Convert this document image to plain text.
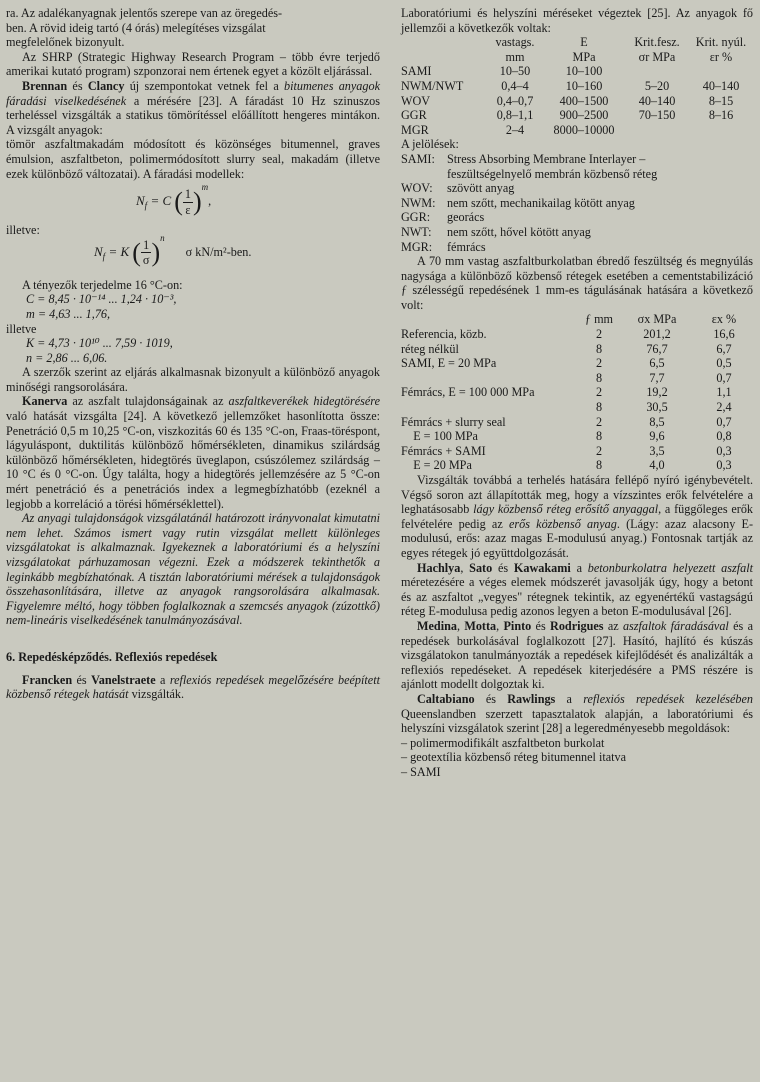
ra. Az adalékanyagnak jelentős szerepe van az öregedés-

ben. A rövid ideig tartó (4 órás) melegítéses vizsgálat

megfelelőnek bizonyult.

Az SHRP (Strategic Highway Research Program – több évre terjedő amerikai kutató program) szponzorai nem értenek egyet a közölt eljárással.

Brennan és Clancy új szempontokat vetnek fel a bitumenes anyagok fáradási viselkedésének a mérésére [23]. A fáradást 10 Hz szinuszos terheléssel vizsgálták a statikus tömörítéssel előállított hengeres mintákon. A vizsgált anyagok:

tömör aszfaltmakadám módosított és közönséges bitumennel, graves émulsion, aszfaltbeton, polimermódosított slurry seal, makadám (illetve ezek különböző változatai). A fáradási modellek:

$N_f = C$ ( $\frac{1}{\varepsilon} )^m$,

illetve:

$N_f = K$ ( $\frac{1}{\sigma} )^n$ σ kN/m²-ben.

A tényezők terjedelme 16 °C-on:

C = 8,45 · 10⁻¹⁴ ... 1,24 · 10⁻³,

m = 4,63 ... 1,76,

illetve

K = 4,73 · 10¹⁰ ... 7,59 · 1019,

n = 2,86 ... 6,06.

A szerzők szerint az eljárás alkalmasnak bizonyult a különböző anyagok minőségi rangsorolására.

Kanerva az aszfalt tulajdonságainak az aszfaltkeverékek hidegtörésére való hatását vizsgálta [24]. A következő jellemzőket hasonlította össze: Penetráció 0,5 m 10,25 °C-on, viszkozitás 60 és 135 °C-on, Fraas-töréspont, lágyuláspont, duktilitás különböző hőmérsékleten, dinamikus szilárdság különböző hőmérsékleten, hidegtörés üveglapon, csúszólemez szilárdság –10 °C és 0 °C-on. Úgy találta, hogy a hidegtörés jellemzésére az 5 °C-on mért penetráció és a penetrációs index a legmegbízhatóbb (ezeknél a legjobb a korreláció a törési hőmérséklettel).

Az anyagi tulajdonságok vizsgálatánál határozott irányvonalat kimutatni nem lehet. Számos ismert vagy rutin vizsgálat mellett különleges vizsgálatokat is alkalmaznak. Igyekeznek a laboratóriumi és a helyszíni vizsgálatokat párhuzamosan végezni. Ezek a módszerek tekinthetők a leginkább megbízhatónak. A tisztán laboratóriumi mérések a tulajdonságok összehasonlítására, illetve az anyagok rangsorolására alkalmasak. Figyelemre méltó, hogy többen foglalkoznak a szemcsés anyagok (zúzottkő) nem-lineáris viselkedésének tanulmányozásával.

6. Repedésképződés. Reflexiós repedések

Francken és Vanelstraete a reflexiós repedések megelőzésére beépített közbenső rétegek hatását vizsgálták.

Laboratóriumi és helyszíni méréseket végeztek [25]. Az anyagok fő jellemzői a következők voltak:

	vastags.	E	Krit.fesz.	Krit. nyúl.
	mm	MPa	σr MPa	εr %
SAMI	10–50	10–100		
NWM/NWT	0,4–4	10–160	5–20	40–140
WOV	0,4–0,7	400–1500	40–140	8–15
GGR	0,8–1,1	900–2500	70–150	8–16
MGR	2–4	8000–10000		

A jelölések:

SAMI:	Stress Absorbing Membrane Interlayer –
	feszültségelnyelő membrán közbenső réteg
WOV:	szövött anyag
NWM:	nem szőtt, mechanikailag kötött anyag
GGR:	georács
NWT:	nem szőtt, hővel kötött anyag
MGR:	fémrács

A 70 mm vastag aszfaltburkolatban ébredő feszültség és megnyúlás nagysága a különböző közbenső rétegek esetében a cementstabilizáció ƒ szélességű repedésének 1 mm-es tágulásának hatására a következő volt:

	ƒ mm	σx MPa	εx %
Referencia, közb.	2	201,2	16,6
réteg nélkül	8	76,7	6,7
SAMI, E = 20 MPa	2	6,5	0,5
	8	7,7	0,7
Fémrács, E = 100 000 MPa	2	19,2	1,1
	8	30,5	2,4
Fémrács + slurry seal	2	8,5	0,7
E = 100 MPa	8	9,6	0,8
Fémrács + SAMI	2	3,5	0,3
E = 20 MPa	8	4,0	0,3

Vizsgálták továbbá a terhelés hatására fellépő nyíró igénybevételt. Végső soron azt állapították meg, hogy a vízszintes erők felvételére a leghatásosabb lágy közbenső réteg erősítő anyaggal, a függőleges erők felvételére pedig az erős közbenső anyag. (Lágy: azaz alacsony E-modulusú, erős: azaz magas E-modulusú anyag.) Fontosnak tartják az egyes rétegek jó együttdolgozását.

Hachlya, Sato és Kawakami a betonburkolatra helyezett aszfalt méretezésére a véges elemek módszerét javasolják úgy, hogy a betont és az aszfaltot „vegyes" rétegnek tekintik, az egyenértékű vastagságú réteg E-modulusa pedig azonos legyen a beton E-modulusával [26].

Medina, Motta, Pinto és Rodrigues az aszfaltok fáradásával és a repedések burkolásával foglalkozott [27]. Hasító, hajlító és kúszás vizsgálatokon tanulmányozták a repedések kifejlődését és analizálták a reflexiós repedéseket. A repedések kiterjedésére a PMS részére is ajánlott modellt dolgoztak ki.

Caltabiano és Rawlings a reflexiós repedések kezelésében Queenslandben szerzett tapasztalatok alapján, a laboratóriumi és helyszíni vizsgálatok szerint [28] a legeredményesebb megoldások:

– polimermodifikált aszfaltbeton burkolat
– geotextília közbenső réteg bitumennel itatva
– SAMI
